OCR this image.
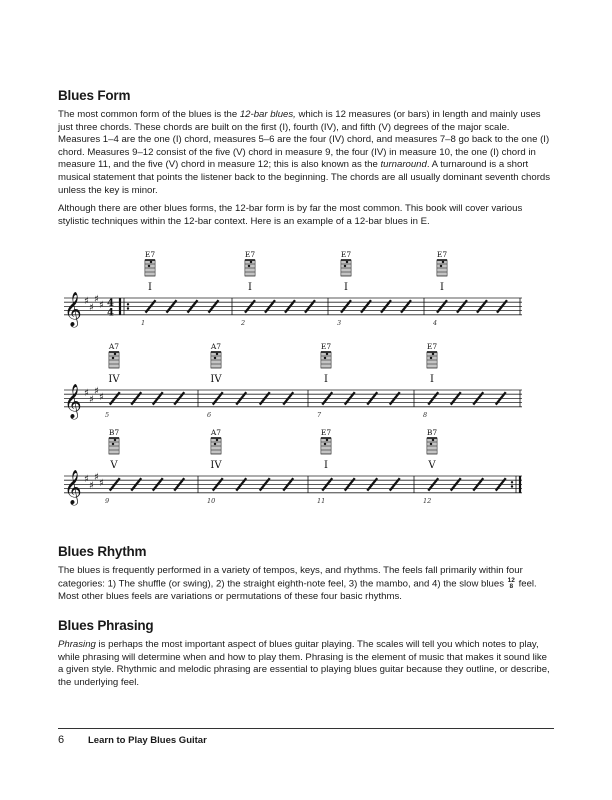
Blues Form

The most common form of the blues is the 12-bar blues, which is 12 measures (or bars) in length and mainly uses just three chords. These chords are built on the first (I), fourth (IV), and fifth (V) degrees of the major scale. Measures 1–4 are the one (I) chord, measures 5–6 are the four (IV) chord, and measures 7–8 go back to the one (I) chord. Measures 9–12 consist of the five (V) chord in measure 9, the four (IV) in measure 10, the one (I) chord in measure 11, and the five (V) chord in measure 12; this is also known as the turnaround. A turnaround is a short musical statement that points the listener back to the beginning. The chords are all usually dominant seventh chords unless the key is minor.

Although there are other blues forms, the 12-bar form is by far the most common. This book will cover various stylistic techniques within the 12-bar context. Here is an example of a 12-bar blues in E.

𝄞 ♯
♯
♯
♯ 4
4
1
E7
I
2
E7
I
3
E7
I
4
E7
I
𝄞 ♯
♯
♯
♯
5
A7
IV
6
A7
IV
7
E7
I
8
E7
I
𝄞 ♯
♯
♯
♯
9
B7
V
10
A7
IV
11
E7
I
12
B7
V
Blues Rhythm

The blues is frequently performed in a variety of tempos, keys, and rhythms. The feels fall primarily within four categories: 1) The shuffle (or swing), 2) the straight eighth-note feel, 3) the mambo, and 4) the slow blues 12
8 feel. Most other blues feels are variations or permutations of these four basic rhythms.

Blues Phrasing

Phrasing is perhaps the most important aspect of blues guitar playing. The scales will tell you which notes to play, while phrasing will determine when and how to play them. Phrasing is the element of music that makes it sound like a given style. Rhythmic and melodic phrasing are essential to playing blues guitar because they outline, or describe, the underlying feel.

6	Learn to Play Blues Guitar
